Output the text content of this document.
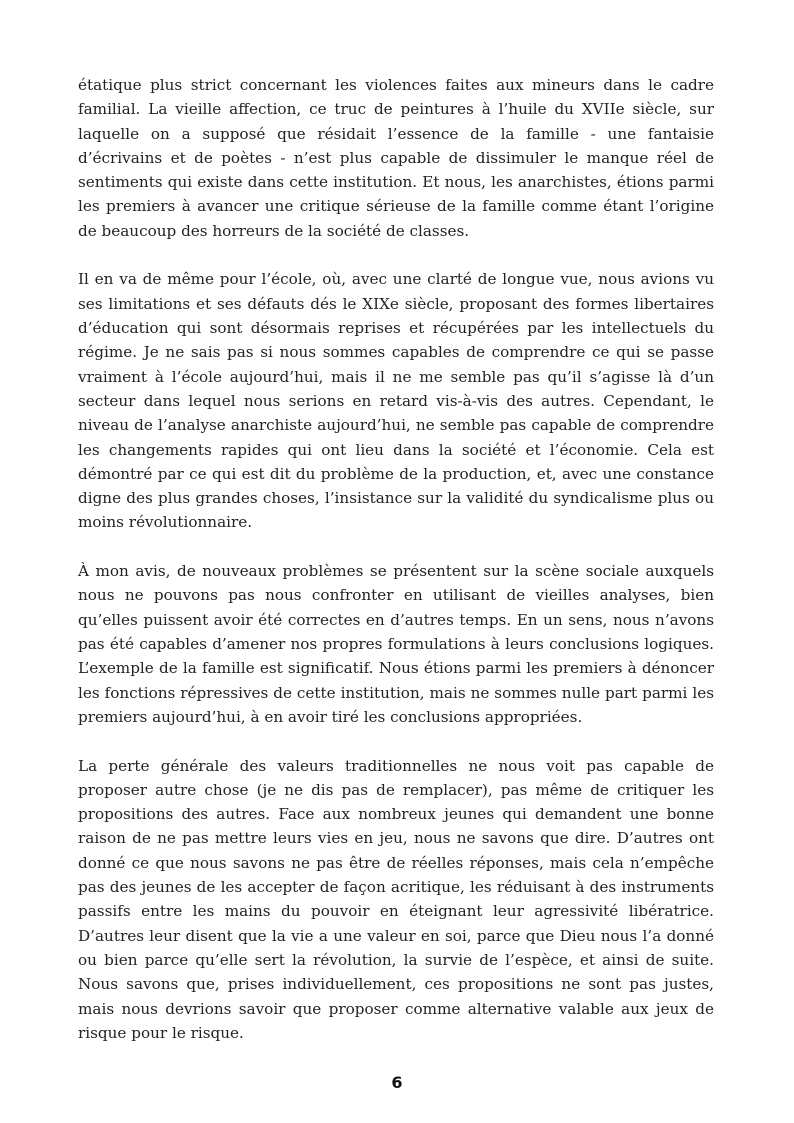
étatique plus strict concernant les violences faites aux mineurs dans le cadre familial. La vieille affection, ce truc de peintures à l’huile du XVIIe siècle, sur laquelle on a supposé que résidait l’essence de la famille - une fantaisie d’écrivains et de poètes - n’est plus capable de dissimuler le manque réel de sentiments qui existe dans cette institution. Et nous, les anarchistes, étions parmi les premiers à avancer une critique sérieuse de la famille comme étant l’origine de beaucoup des horreurs de la société de classes.

Il en va de même pour l’école, où, avec une clarté de longue vue, nous avions vu ses limitations et ses défauts dés le XIXe siècle, proposant des formes libertaires d’éducation qui sont désormais reprises et récupérées par les intellectuels du régime. Je ne sais pas si nous sommes capables de comprendre ce qui se passe vraiment à l’école aujourd’hui, mais il ne me semble pas qu’il s’agisse là d’un secteur dans lequel nous serions en retard vis-à-vis des autres. Cependant, le niveau de l’analyse anarchiste aujourd’hui, ne semble pas capable de comprendre les changements rapides qui ont lieu dans la société et l’économie. Cela est démontré par ce qui est dit du problème de la production, et, avec une constance digne des plus grandes choses, l’insistance sur la validité du syndicalisme plus ou moins révolutionnaire.

À mon avis, de nouveaux problèmes se présentent sur la scène sociale auxquels nous ne pouvons pas nous confronter en utilisant de vieilles analyses, bien qu’elles puissent avoir été correctes en d’autres temps. En un sens, nous n’avons pas été capables d’amener nos propres formulations à leurs conclusions logiques. L’exemple de la famille est significatif. Nous étions parmi les premiers à dénoncer les fonctions répressives de cette institution, mais ne sommes nulle part parmi les premiers aujourd’hui, à en avoir tiré les conclusions appropriées.

La perte générale des valeurs traditionnelles ne nous voit pas capable de proposer autre chose (je ne dis pas de remplacer), pas même de critiquer les propositions des autres. Face aux nombreux jeunes qui demandent une bonne raison de ne pas mettre leurs vies en jeu, nous ne savons que dire. D’autres ont donné ce que nous savons ne pas être de réelles réponses, mais cela n’empêche pas des jeunes de les accepter de façon acritique, les réduisant à des instruments passifs entre les mains du pouvoir en éteignant leur agressivité libératrice. D’autres leur disent que la vie a une valeur en soi, parce que Dieu nous l’a donné ou bien parce qu’elle sert la révolution, la survie de l’espèce, et ainsi de suite. Nous savons que, prises individuellement, ces propositions ne sont pas justes, mais nous devrions savoir que proposer comme alternative valable aux jeux de risque pour le risque.

6
